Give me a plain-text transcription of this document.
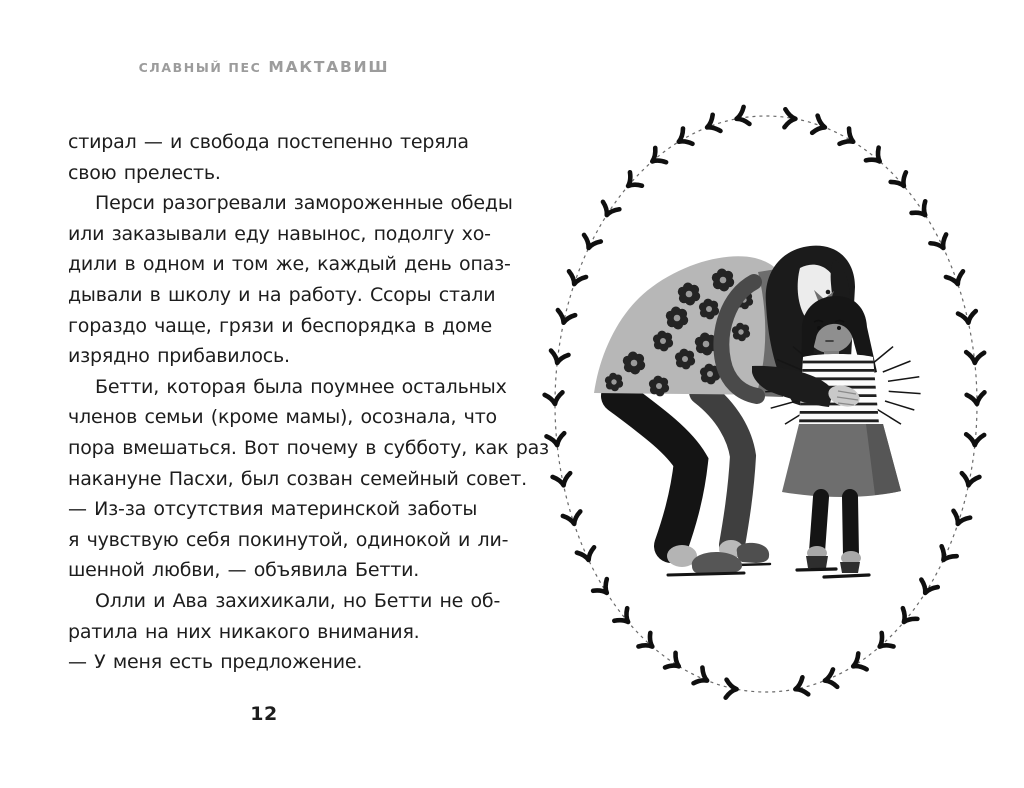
СЛАВНЫЙ ПЕС МАКТАВИШ
стирал — и свобода постепенно теряла
свою прелесть.
Перси разогревали замороженные обеды
или заказывали еду навынос, подолгу хо-
дили в одном и том же, каждый день опаз-
дывали в школу и на работу. Ссоры стали
гораздо чаще, грязи и беспорядка в доме
изрядно прибавилось.
Бетти, которая была поумнее остальных
членов семьи (кроме мамы), осознала, что
пора вмешаться. Вот почему в субботу, как раз
накануне Пасхи, был созван семейный совет.
— Из-за отсутствия материнской заботы
я чувствую себя покинутой, одинокой и ли-
шенной любви, — объявила Бетти.
Олли и Ава захихикали, но Бетти не об-
ратила на них никакого внимания.
— У меня есть предложение.
12
